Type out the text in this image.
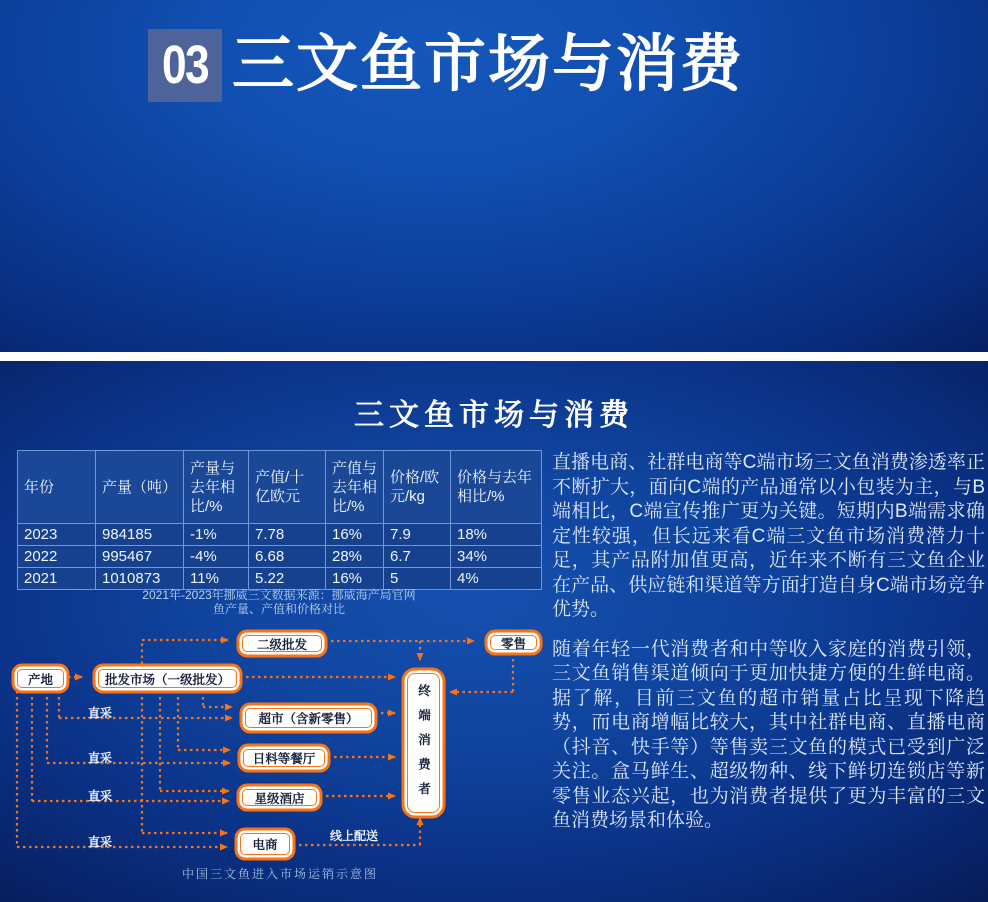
03 三文鱼市场与消费
三文鱼市场与消费
年份	产量（吨）	产量与去年相比/%	产值/十亿欧元	产值与去年相比/%	价格/欧元/kg	价格与去年相比/%
2023	984185	-1%	7.78	16%	7.9	18%
2022	995467	-4%	6.68	28%	6.7	34%
2021	1010873	11%	5.22	16%	5	4%
2021年-2023年挪威三文数据来源：挪威海产局官网
鱼产量、产值和价格对比
产地	批发市场（一级批发）
二级批发	零售
超市（含新零售）
日料等餐厅
星级酒店
电商
终端消费者
直采
直采
直采
直采	线上配送
中国三文鱼进入市场运销示意图

直播电商、社群电商等C端市场三文鱼消费渗透率正不断扩大，面向C端的产品通常以小包装为主，与B端相比，C端宣传推广更为关键。短期内B端需求确定性较强，但长远来看C端三文鱼市场消费潜力十足，其产品附加值更高，近年来不断有三文鱼企业在产品、供应链和渠道等方面打造自身C端市场竞争优势。

随着年轻一代消费者和中等收入家庭的消费引领，三文鱼销售渠道倾向于更加快捷方便的生鲜电商。据了解，目前三文鱼的超市销量占比呈现下降趋势，而电商增幅比较大，其中社群电商、直播电商（抖音、快手等）等售卖三文鱼的模式已受到广泛关注。盒马鲜生、超级物种、线下鲜切连锁店等新零售业态兴起，也为消费者提供了更为丰富的三文鱼消费场景和体验。
